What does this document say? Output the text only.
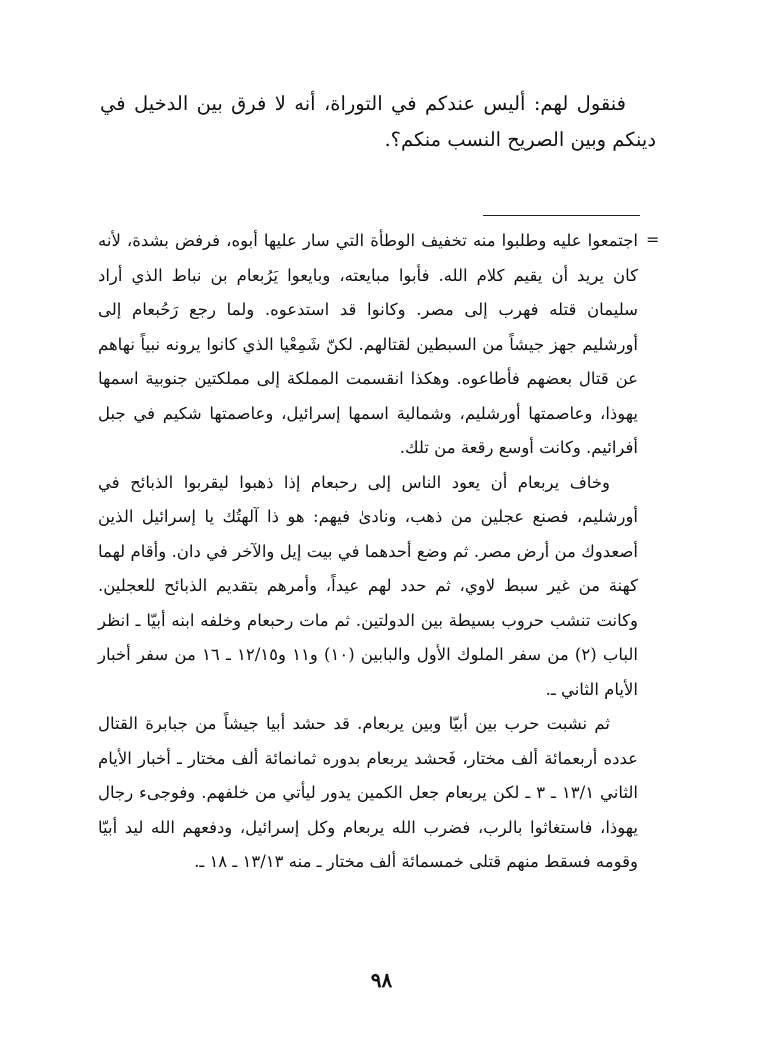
فنقول لهم: أليس عندكم في التوراة، أنه لا فرق بين الدخيل في دينكم وبين الصريح النسب منكم؟.

=

اجتمعوا عليه وطلبوا منه تخفيف الوطأة التي سار عليها أبوه، فرفض بشدة، لأنه كان يريد أن يقيم كلام الله. فأبوا مبايعته، وبايعوا يَرُبعام بن نباط الذي أراد سليمان قتله فهرب إلى مصر. وكانوا قد استدعوه. ولما رجع رَحُبعام إلى أورشليم جهز جيشاً من السبطين لقتالهم. لكنّ شَمِعْيا الذي كانوا يرونه نبياً نهاهم عن قتال بعضهم فأطاعوه. وهكذا انقسمت المملكة إلى مملكتين جنوبية اسمها يهوذا، وعاصمتها أورشليم، وشمالية اسمها إسرائيل، وعاصمتها شكيم في جبل أفرائيم. وكانت أوسع رقعة من تلك.

وخاف يربعام أن يعود الناس إلى رحبعام إذا ذهبوا ليقربوا الذبائح في أورشليم، فصنع عجلين من ذهب، ونادىٰ فيهم: هو ذا آلهتُك يا إسرائيل الذين أصعدوك من أرض مصر. ثم وضع أحدهما في بيت إيل والآخر في دان. وأقام لهما كهنة من غير سبط لاوي، ثم حدد لهم عيداً، وأمرهم بتقديم الذبائح للعجلين. وكانت تنشب حروب بسيطة بين الدولتين. ثم مات رحبعام وخلفه ابنه أبيّا ـ انظر الباب (٢) من سفر الملوك الأول والبابين (١٠) و١١ و١٢/١٥ ـ ١٦ من سفر أخبار الأيام الثاني ـ.

ثم نشبت حرب بين أبيّا وبين يربعام. قد حشد أبيا جيشاً من جبابرة القتال عدده أربعمائة ألف مختار، فَحشد يربعام بدوره ثمانمائة ألف مختار ـ أخبار الأيام الثاني ١٣/١ ـ ٣ ـ لكن يربعام جعل الكمين يدور ليأتي من خلفهم. وفوجىء رجال يهوذا، فاستغاثوا بالرب، فضرب الله يربعام وكل إسرائيل، ودفعهم الله ليد أبيّا وقومه فسقط منهم قتلى خمسمائة ألف مختار ـ منه ١٣/١٣ ـ ١٨ ـ.

٩٨
